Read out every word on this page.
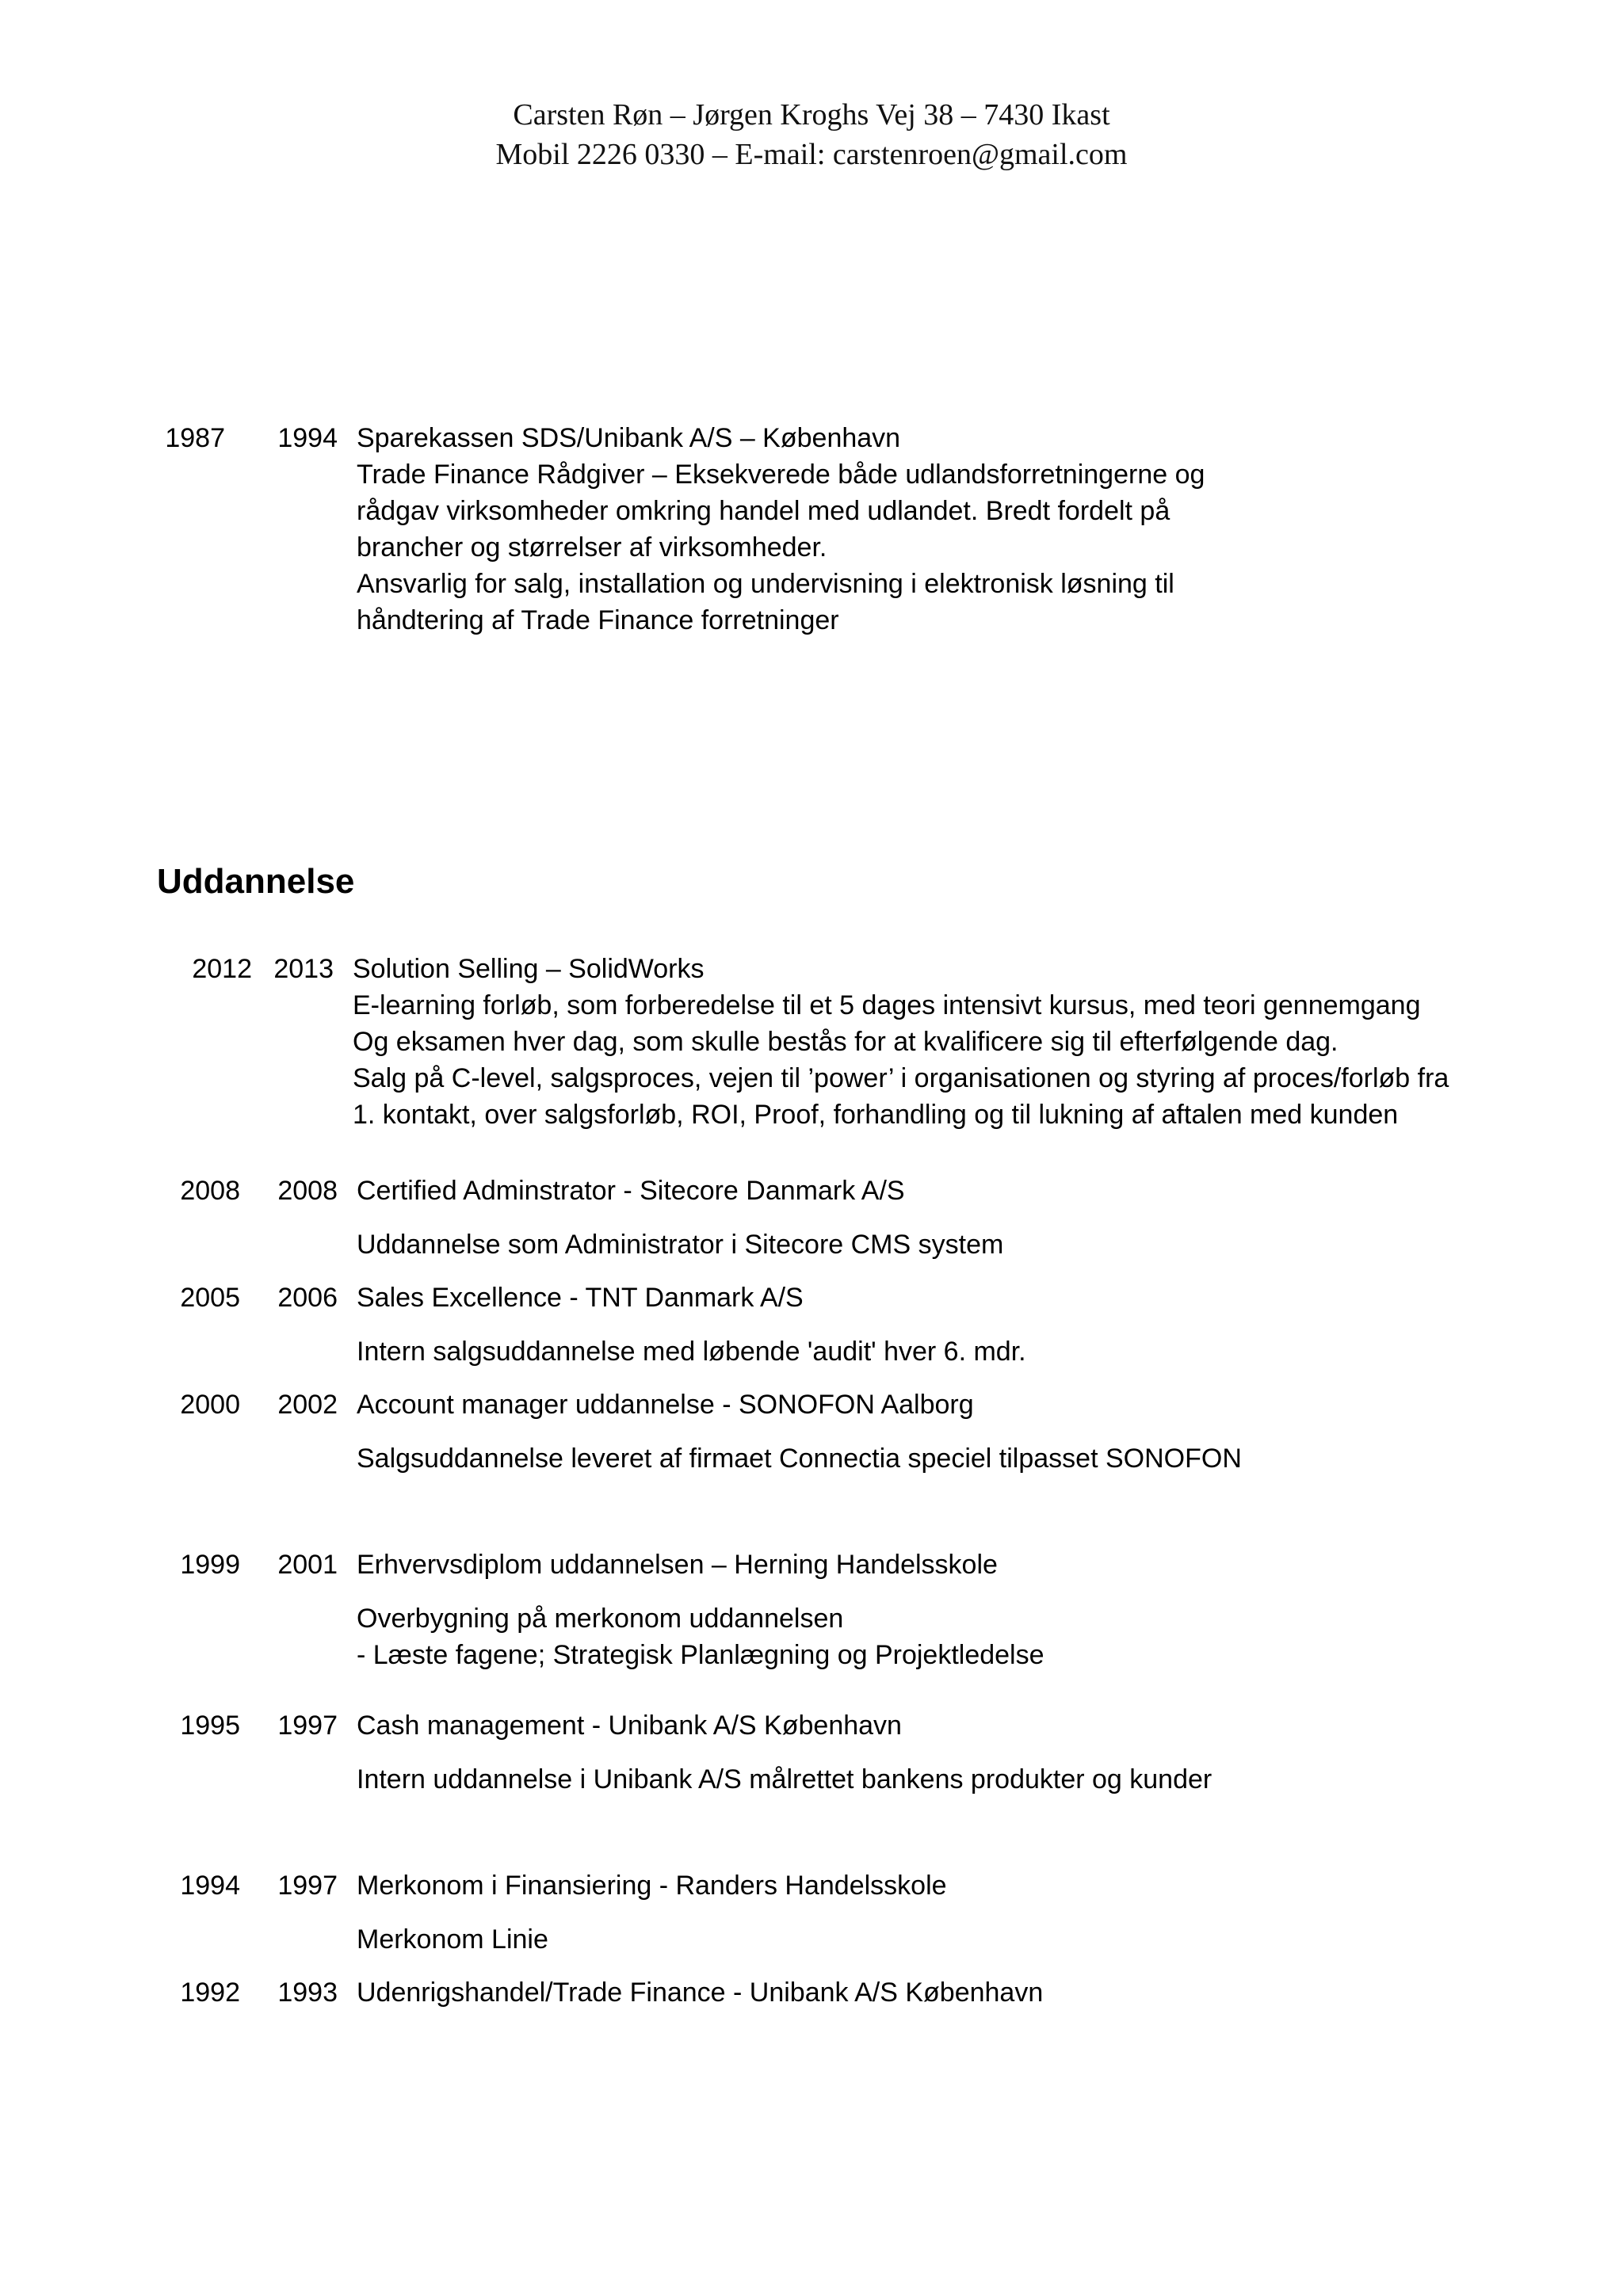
Carsten Røn – Jørgen Kroghs Vej 38 – 7430 Ikast
Mobil 2226 0330 – E-mail: carstenroen@gmail.com
1987 1994 Sparekassen SDS/Unibank A/S – København
Trade Finance Rådgiver – Eksekverede både udlandsforretningerne og
rådgav virksomheder omkring handel med udlandet. Bredt fordelt på
brancher og størrelser af virksomheder.
Ansvarlig for salg, installation og undervisning i elektronisk løsning til
håndtering af Trade Finance forretninger
Uddannelse
2012 2013 Solution Selling – SolidWorks
E-learning forløb, som forberedelse til et 5 dages intensivt kursus, med teori gennemgang
Og eksamen hver dag, som skulle bestås for at kvalificere sig til efterfølgende dag.
Salg på C-level, salgsproces, vejen til ’power’ i organisationen og styring af proces/forløb fra
1. kontakt, over salgsforløb, ROI, Proof, forhandling og til lukning af aftalen med kunden
2008 2008 Certified Adminstrator - Sitecore Danmark A/S
Uddannelse som Administrator i Sitecore CMS system
2005 2006 Sales Excellence - TNT Danmark A/S
Intern salgsuddannelse med løbende 'audit' hver 6. mdr.
2000 2002 Account manager uddannelse - SONOFON Aalborg
Salgsuddannelse leveret af firmaet Connectia speciel tilpasset SONOFON
1999 2001 Erhvervsdiplom uddannelsen – Herning Handelsskole
Overbygning på merkonom uddannelsen
- Læste fagene; Strategisk Planlægning og Projektledelse
1995 1997 Cash management - Unibank A/S København
Intern uddannelse i Unibank A/S målrettet bankens produkter og kunder
1994 1997 Merkonom i Finansiering - Randers Handelsskole
Merkonom Linie
1992 1993 Udenrigshandel/Trade Finance - Unibank A/S København
